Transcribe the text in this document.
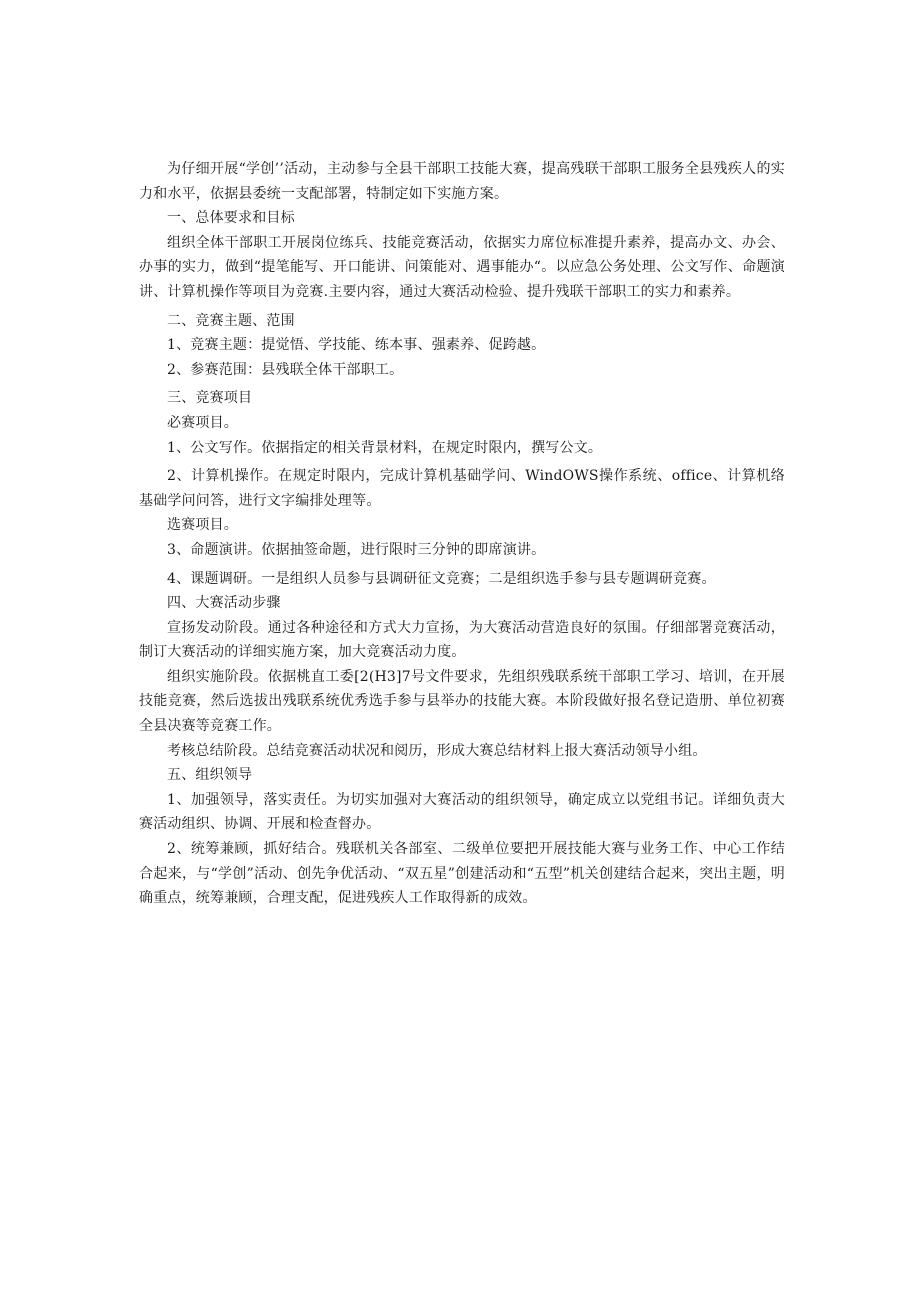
为仔细开展“学创’’活动，主动参与全县干部职工技能大赛，提高残联干部职工服务全县残疾人的实力和水平，依据县委统一支配部署，特制定如下实施方案。

一、总体要求和目标

组织全体干部职工开展岗位练兵、技能竞赛活动，依据实力席位标准提升素养，提高办文、办会、办事的实力，做到“提笔能写、开口能讲、问策能对、遇事能办“。以应急公务处理、公文写作、命题演讲、计算机操作等项目为竞赛.主要内容，通过大赛活动检验、提升残联干部职工的实力和素养。

二、竞赛主题、范围

1、竞赛主题：提觉悟、学技能、练本事、强素养、促跨越。

2、参赛范围：县残联全体干部职工。

三、竞赛项目

必赛项目。

1、公文写作。依据指定的相关背景材料，在规定时限内，撰写公文。

2、计算机操作。在规定时限内，完成计算机基础学问、WindOWS操作系统、office、计算机络基础学问问答，进行文字编排处理等。

选赛项目。

3、命题演讲。依据抽签命题，进行限时三分钟的即席演讲。

4、课题调研。一是组织人员参与县调研征文竞赛；二是组织选手参与县专题调研竞赛。

四、大赛活动步骤

宣扬发动阶段。通过各种途径和方式大力宣扬，为大赛活动营造良好的氛围。仔细部署竞赛活动，制订大赛活动的详细实施方案，加大竞赛活动力度。

组织实施阶段。依据桃直工委[2(H3]7号文件要求，先组织残联系统干部职工学习、培训，在开展技能竞赛，然后选拔出残联系统优秀选手参与县举办的技能大赛。本阶段做好报名登记造册、单位初赛全县决赛等竞赛工作。

考核总结阶段。总结竞赛活动状况和阅历，形成大赛总结材料上报大赛活动领导小组。

五、组织领导

1、加强领导，落实责任。为切实加强对大赛活动的组织领导，确定成立以党组书记。详细负责大赛活动组织、协调、开展和检查督办。

2、统筹兼顾，抓好结合。残联机关各部室、二级单位要把开展技能大赛与业务工作、中心工作结合起来，与“学创”活动、创先争优活动、“双五星”创建活动和“五型”机关创建结合起来，突出主题，明确重点，统筹兼顾，合理支配，促进残疾人工作取得新的成效。
